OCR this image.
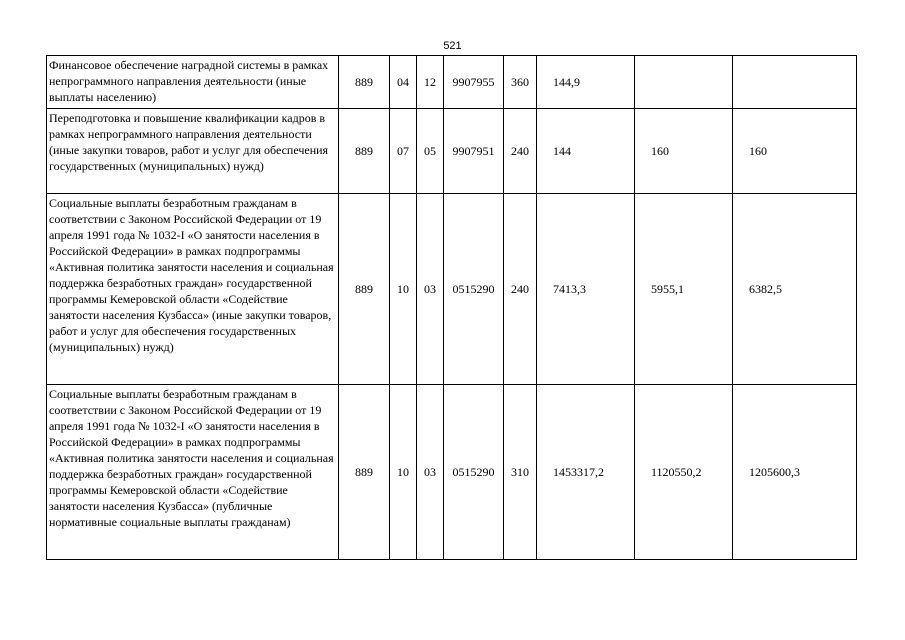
521
Финансовое обеспечение наградной системы в рамках непрограммного направления деятельности (иные выплаты населению)	889	04	12	9907955	360	144,9		
Переподготовка и повышение квалификации кадров в рамках непрограммного направления деятельности (иные закупки товаров, работ и услуг для обеспечения государственных (муниципальных) нужд)	889	07	05	9907951	240	144	160	160
Социальные выплаты безработным гражданам в соответствии с Законом Российской Федерации от 19 апреля 1991 года № 1032-I «О занятости населения в Российской Федерации» в рамках подпрограммы «Активная политика занятости населения и социальная поддержка безработных граждан» государственной программы Кемеровской области «Содействие занятости населения Кузбасса» (иные закупки товаров, работ и услуг для обеспечения государственных (муниципальных) нужд)	889	10	03	0515290	240	7413,3	5955,1	6382,5
Социальные выплаты безработным гражданам в соответствии с Законом Российской Федерации от 19 апреля 1991 года № 1032-I «О занятости населения в Российской Федерации» в рамках подпрограммы «Активная политика занятости населения и социальная поддержка безработных граждан» государственной программы Кемеровской области «Содействие занятости населения Кузбасса» (публичные нормативные социальные выплаты гражданам)	889	10	03	0515290	310	1453317,2	1120550,2	1205600,3
